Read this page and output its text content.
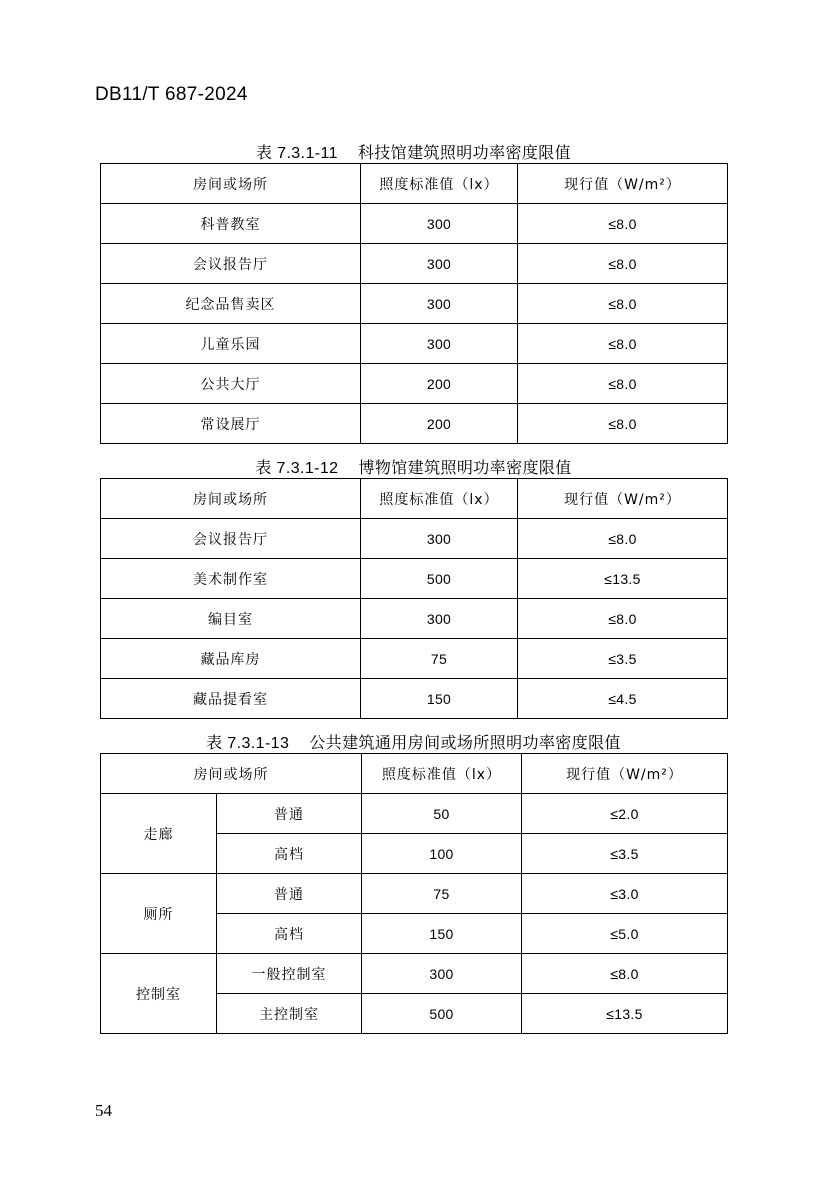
DB11/T 687-2024
表 7.3.1-11 科技馆建筑照明功率密度限值
房间或场所	照度标准值（lx）	现行值（W/m²）
科普教室	300	≤8.0
会议报告厅	300	≤8.0
纪念品售卖区	300	≤8.0
儿童乐园	300	≤8.0
公共大厅	200	≤8.0
常设展厅	200	≤8.0
表 7.3.1-12 博物馆建筑照明功率密度限值
房间或场所	照度标准值（lx）	现行值（W/m²）
会议报告厅	300	≤8.0
美术制作室	500	≤13.5
编目室	300	≤8.0
藏品库房	75	≤3.5
藏品提看室	150	≤4.5
表 7.3.1-13 公共建筑通用房间或场所照明功率密度限值
房间或场所		照度标准值（lx）	现行值（W/m²）
走廊	普通	50	≤2.0
	高档	100	≤3.5
厕所	普通	75	≤3.0
	高档	150	≤5.0
控制室	一般控制室	300	≤8.0
	主控制室	500	≤13.5
54
